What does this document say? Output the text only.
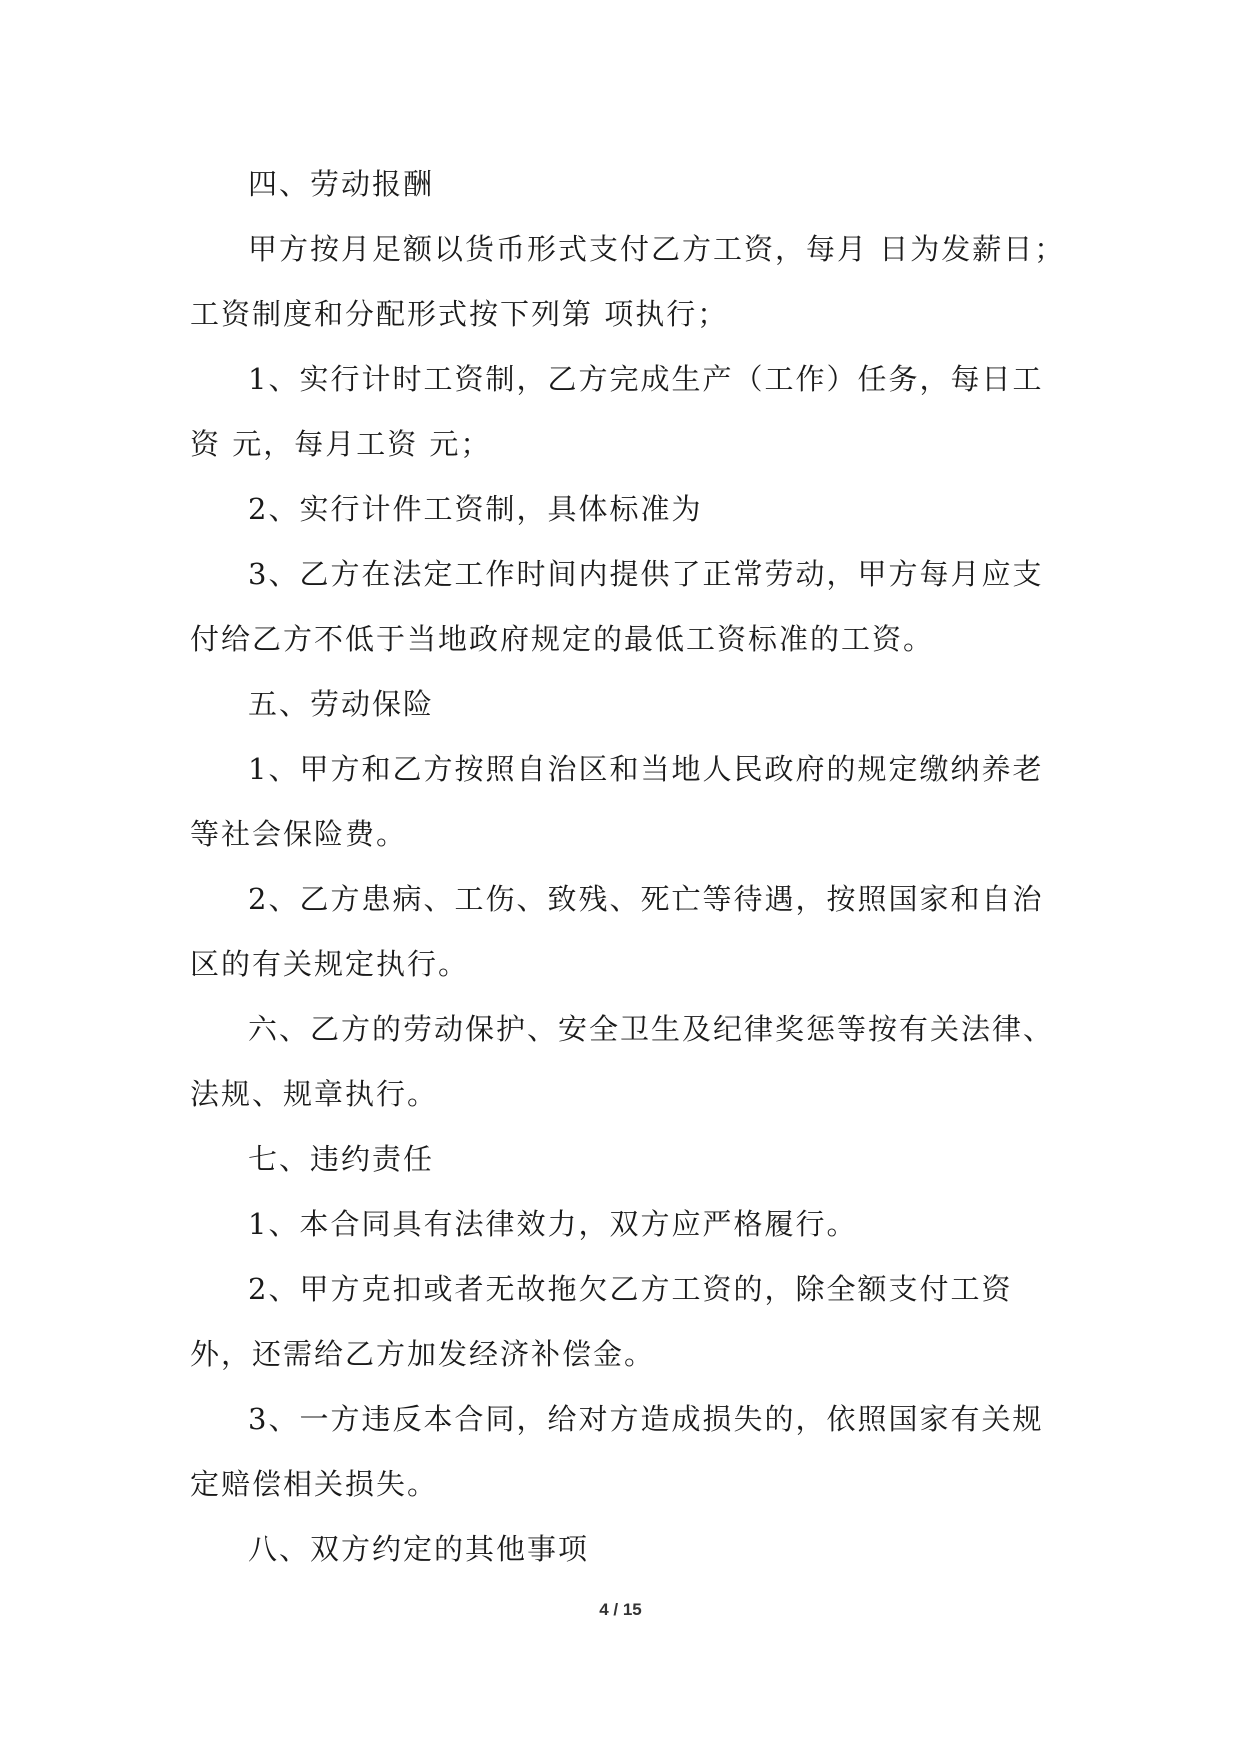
四、劳动报酬

甲方按月足额以货币形式支付乙方工资，每月 日为发薪日；工资制度和分配形式按下列第 项执行；

1、实行计时工资制，乙方完成生产（工作）任务，每日工资 元，每月工资 元；

2、实行计件工资制，具体标准为

3、乙方在法定工作时间内提供了正常劳动，甲方每月应支付给乙方不低于当地政府规定的最低工资标准的工资。

五、劳动保险

1、甲方和乙方按照自治区和当地人民政府的规定缴纳养老等社会保险费。

2、乙方患病、工伤、致残、死亡等待遇，按照国家和自治区的有关规定执行。

六、乙方的劳动保护、安全卫生及纪律奖惩等按有关法律、法规、规章执行。

七、违约责任

1、本合同具有法律效力，双方应严格履行。

2、甲方克扣或者无故拖欠乙方工资的，除全额支付工资外，还需给乙方加发经济补偿金。

3、一方违反本合同，给对方造成损失的，依照国家有关规定赔偿相关损失。

八、双方约定的其他事项

4 / 15
